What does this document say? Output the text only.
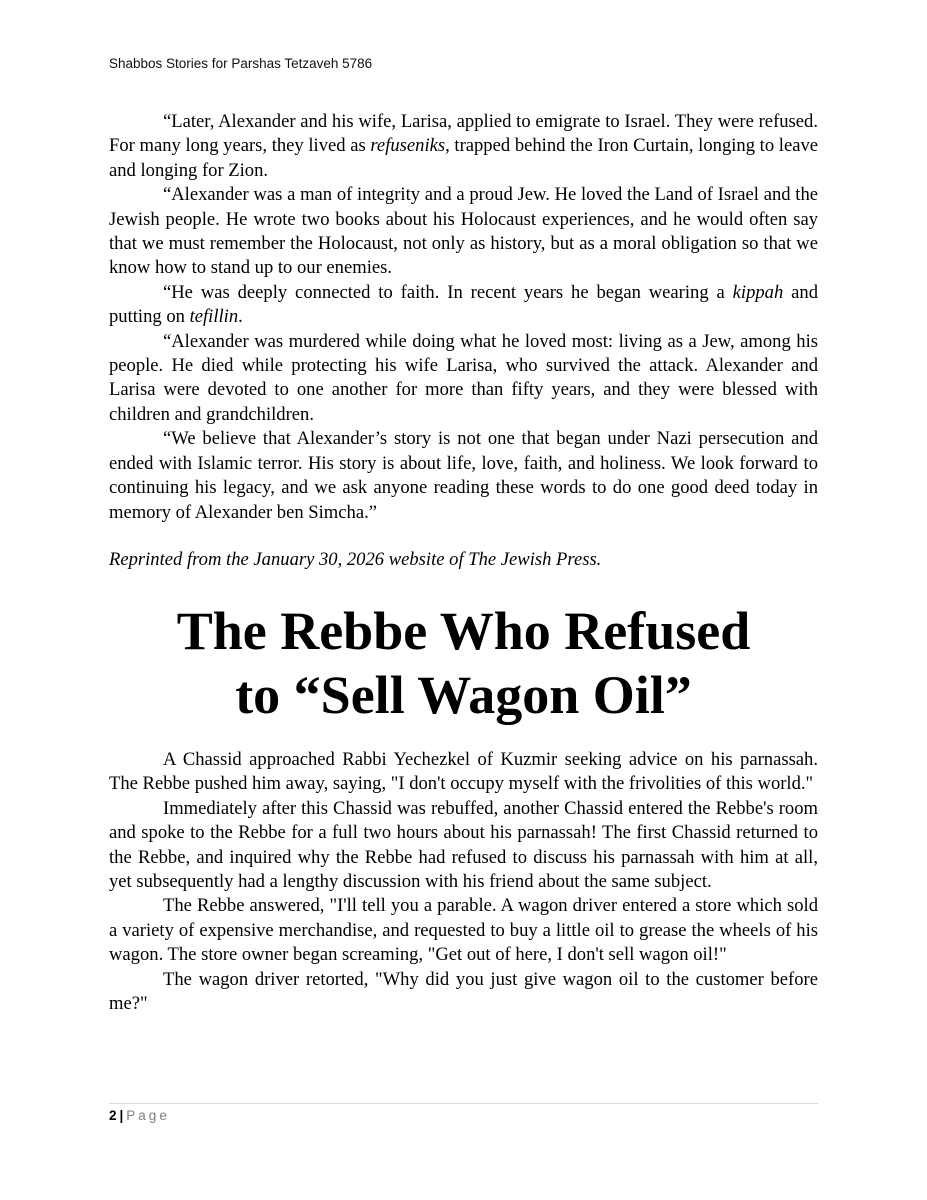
Shabbos Stories for Parshas Tetzaveh 5786

“Later, Alexander and his wife, Larisa, applied to emigrate to Israel. They were refused. For many long years, they lived as refuseniks, trapped behind the Iron Curtain, longing to leave and longing for Zion.

“Alexander was a man of integrity and a proud Jew. He loved the Land of Israel and the Jewish people. He wrote two books about his Holocaust experiences, and he would often say that we must remember the Holocaust, not only as history, but as a moral obligation so that we know how to stand up to our enemies.

“He was deeply connected to faith. In recent years he began wearing a kippah and putting on tefillin.

“Alexander was murdered while doing what he loved most: living as a Jew, among his people. He died while protecting his wife Larisa, who survived the attack. Alexander and Larisa were devoted to one another for more than fifty years, and they were blessed with children and grandchildren.

“We believe that Alexander’s story is not one that began under Nazi persecution and ended with Islamic terror. His story is about life, love, faith, and holiness. We look forward to continuing his legacy, and we ask anyone reading these words to do one good deed today in memory of Alexander ben Simcha.”

Reprinted from the January 30, 2026 website of The Jewish Press.
The Rebbe Who Refused
to “Sell Wagon Oil”

A Chassid approached Rabbi Yechezkel of Kuzmir seeking advice on his parnassah. The Rebbe pushed him away, saying, "I don't occupy myself with the frivolities of this world."

Immediately after this Chassid was rebuffed, another Chassid entered the Rebbe's room and spoke to the Rebbe for a full two hours about his parnassah! The first Chassid returned to the Rebbe, and inquired why the Rebbe had refused to discuss his parnassah with him at all, yet subsequently had a lengthy discussion with his friend about the same subject.

The Rebbe answered, "I'll tell you a parable. A wagon driver entered a store which sold a variety of expensive merchandise, and requested to buy a little oil to grease the wheels of his wagon. The store owner began screaming, "Get out of here, I don't sell wagon oil!"

The wagon driver retorted, "Why did you just give wagon oil to the customer before me?"

2 | Page
